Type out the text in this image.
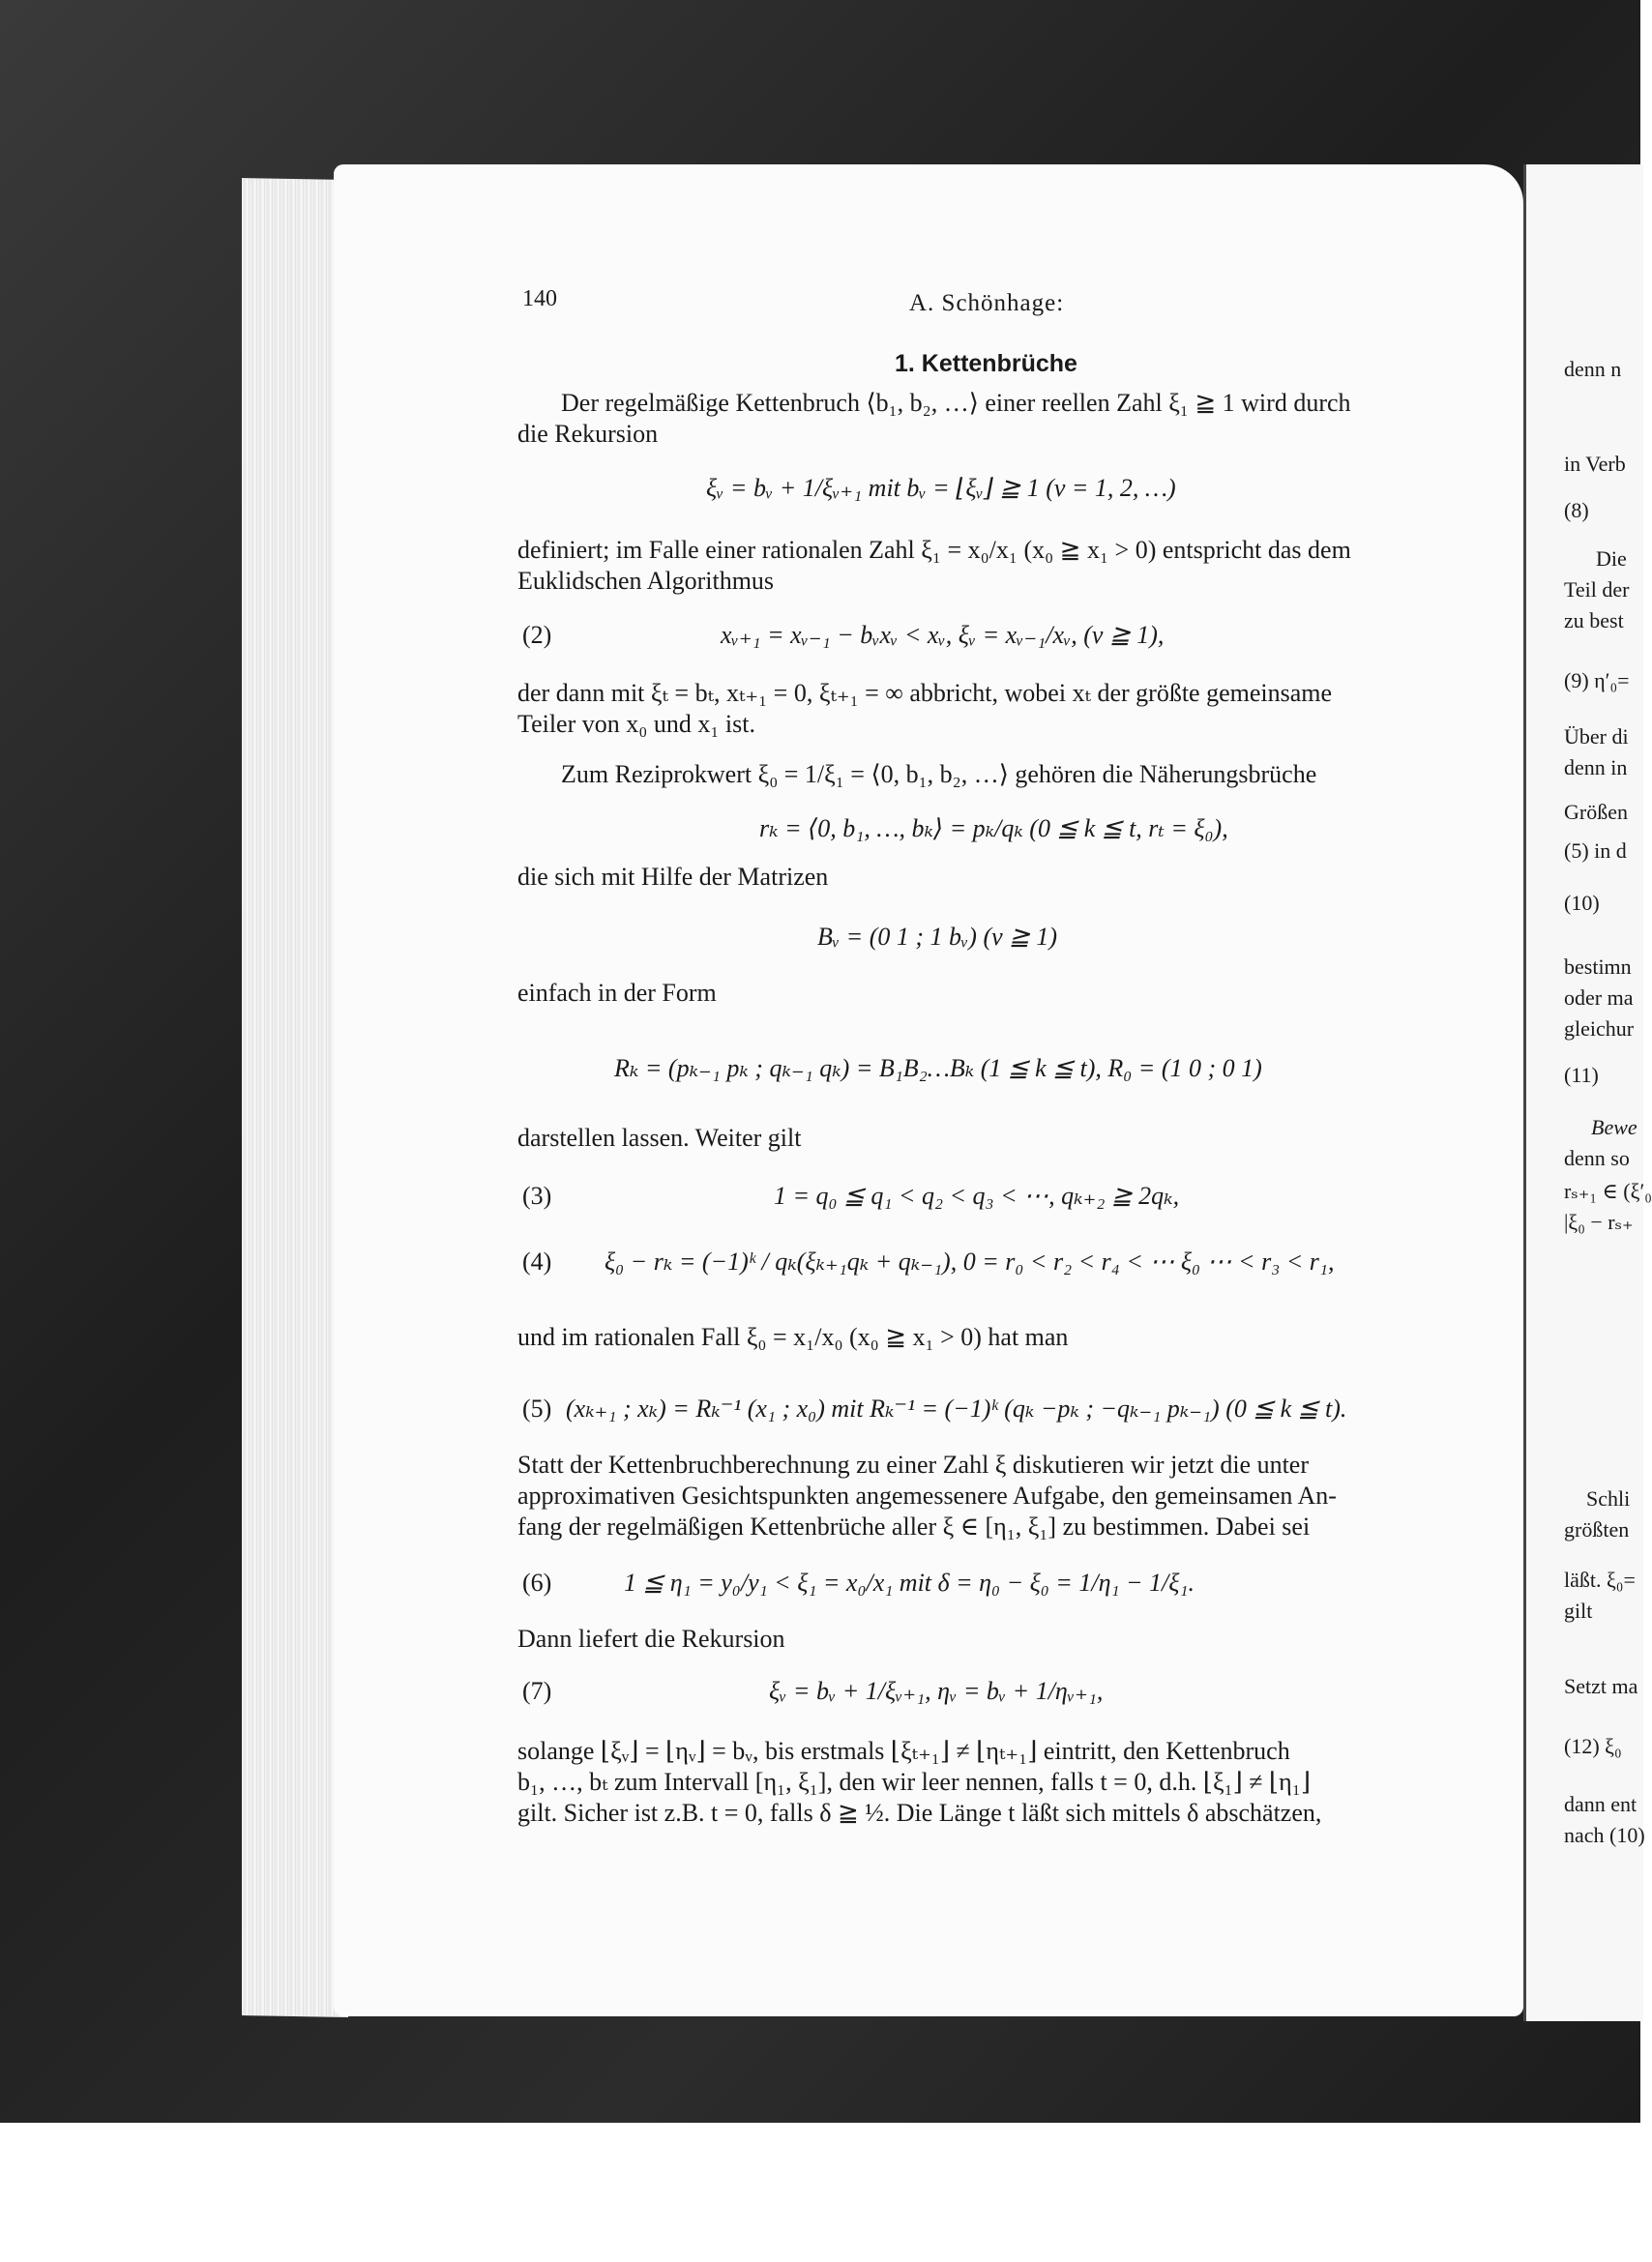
140	A. Schönhage:
1. Kettenbrüche

Der regelmäßige Kettenbruch ⟨b₁, b₂, …⟩ einer reellen Zahl ξ₁ ≧ 1 wird durch

die Rekursion

ξᵥ = bᵥ + 1/ξᵥ₊₁ mit bᵥ = ⌊ξᵥ⌋ ≧ 1 (ν = 1, 2, …)

definiert; im Falle einer rationalen Zahl ξ₁ = x₀/x₁ (x₀ ≧ x₁ > 0) entspricht das dem

Euklidschen Algorithmus

(2)	xᵥ₊₁ = xᵥ₋₁ − bᵥxᵥ < xᵥ, ξᵥ = xᵥ₋₁/xᵥ, (ν ≧ 1),

der dann mit ξₜ = bₜ, xₜ₊₁ = 0, ξₜ₊₁ = ∞ abbricht, wobei xₜ der größte gemeinsame

Teiler von x₀ und x₁ ist.

Zum Reziprokwert ξ₀ = 1/ξ₁ = ⟨0, b₁, b₂, …⟩ gehören die Näherungsbrüche

rₖ = ⟨0, b₁, …, bₖ⟩ = pₖ/qₖ (0 ≦ k ≦ t, rₜ = ξ₀),

die sich mit Hilfe der Matrizen

Bᵥ = (0 1 ; 1 bᵥ) (ν ≧ 1)

einfach in der Form

Rₖ = (pₖ₋₁ pₖ ; qₖ₋₁ qₖ) = B₁B₂…Bₖ (1 ≦ k ≦ t), R₀ = (1 0 ; 0 1)

darstellen lassen. Weiter gilt

(3)	1 = q₀ ≦ q₁ < q₂ < q₃ < ⋯, qₖ₊₂ ≧ 2qₖ,
(4) ξ₀ − rₖ = (−1)ᵏ / qₖ(ξₖ₊₁qₖ + qₖ₋₁), 0 = r₀ < r₂ < r₄ < ⋯ ξ₀ ⋯ < r₃ < r₁,

und im rationalen Fall ξ₀ = x₁/x₀ (x₀ ≧ x₁ > 0) hat man

(5) (xₖ₊₁ ; xₖ) = Rₖ⁻¹ (x₁ ; x₀) mit Rₖ⁻¹ = (−1)ᵏ (qₖ −pₖ ; −qₖ₋₁ pₖ₋₁) (0 ≦ k ≦ t).

Statt der Kettenbruchberechnung zu einer Zahl ξ diskutieren wir jetzt die unter

approximativen Gesichtspunkten angemessenere Aufgabe, den gemeinsamen An-

fang der regelmäßigen Kettenbrüche aller ξ ∈ [η₁, ξ₁] zu bestimmen. Dabei sei

(6)	1 ≦ η₁ = y₀/y₁ < ξ₁ = x₀/x₁ mit δ = η₀ − ξ₀ = 1/η₁ − 1/ξ₁.

Dann liefert die Rekursion

(7)	ξᵥ = bᵥ + 1/ξᵥ₊₁, ηᵥ = bᵥ + 1/ηᵥ₊₁,

solange ⌊ξᵥ⌋ = ⌊ηᵥ⌋ = bᵥ, bis erstmals ⌊ξₜ₊₁⌋ ≠ ⌊ηₜ₊₁⌋ eintritt, den Kettenbruch

b₁, …, bₜ zum Intervall [η₁, ξ₁], den wir leer nennen, falls t = 0, d.h. ⌊ξ₁⌋ ≠ ⌊η₁⌋

gilt. Sicher ist z.B. t = 0, falls δ ≧ ½. Die Länge t läßt sich mittels δ abschätzen,

denn n
in Verb
(8)
Die
Teil der
zu best
(9) η′₀=
Über di
denn in
Größen
(5) in d
(10)
bestimn
oder ma
gleichur
(11)
Bewe
denn so
rₛ₊₁ ∈ (ξ′₀
|ξ₀ − rₛ₊
Schli
größten
läßt. ξ₀=
gilt
Setzt ma
(12) ξ₀
dann ent
nach (10)
